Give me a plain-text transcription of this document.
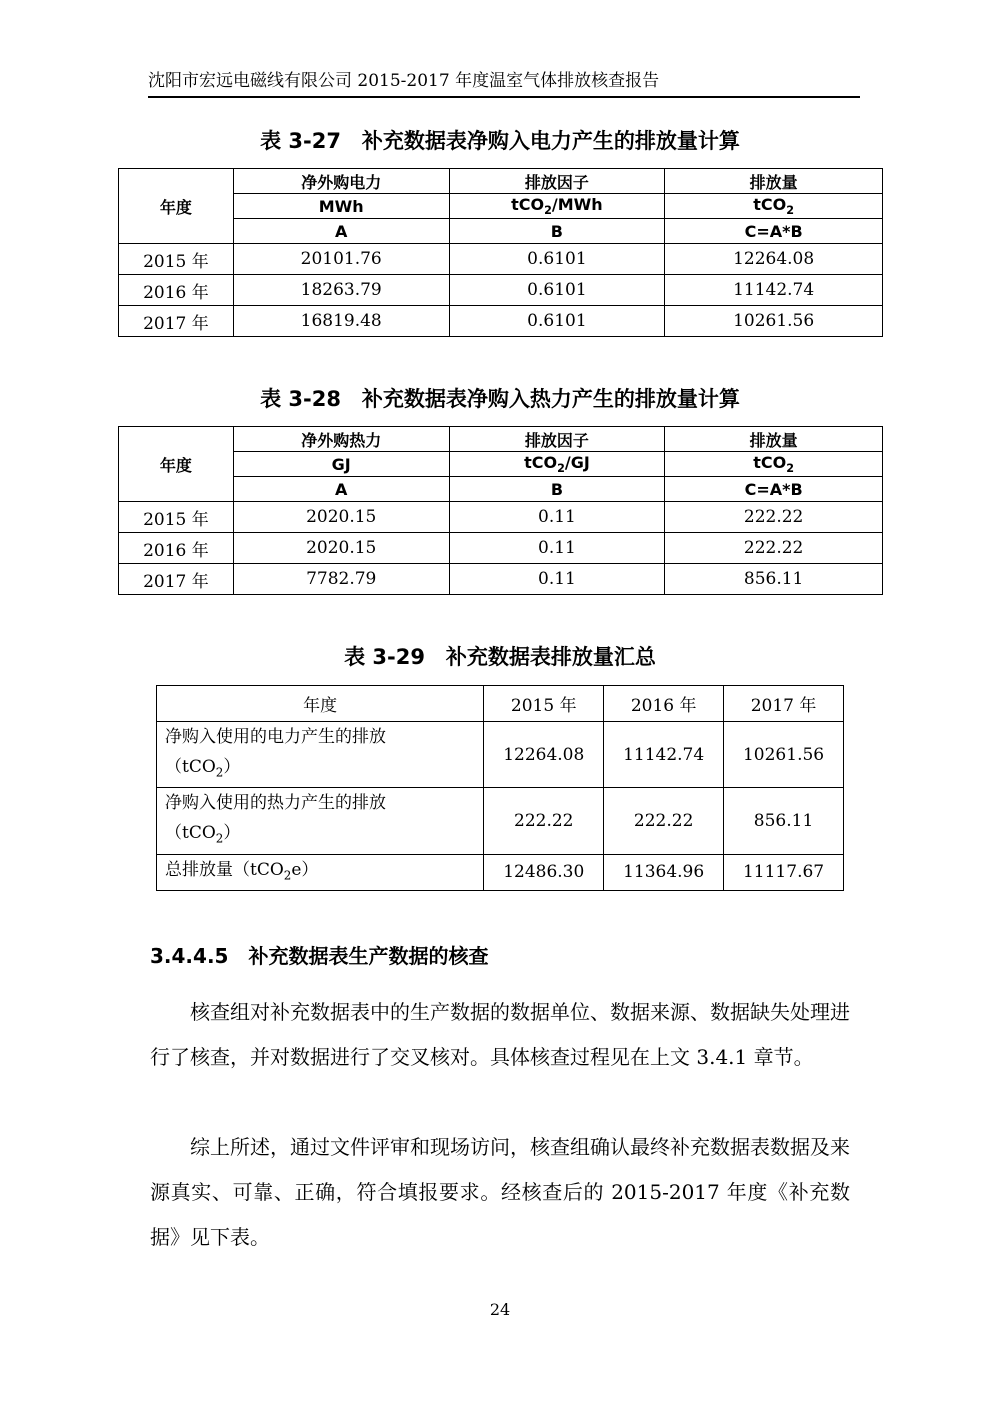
沈阳市宏远电磁线有限公司 2015-2017 年度温室气体排放核查报告
表 3-27　补充数据表净购入电力产生的排放量计算
年度	净外购电力	排放因子	排放量
	MWh	tCO$_2$/MWh	tCO$_2$
	A	B	C=A*B
2015 年	20101.76	0.6101	12264.08
2016 年	18263.79	0.6101	11142.74
2017 年	16819.48	0.6101	10261.56
表 3-28　补充数据表净购入热力产生的排放量计算
年度	净外购热力	排放因子	排放量
	GJ	tCO$_2$/GJ	tCO$_2$
	A	B	C=A*B
2015 年	2020.15	0.11	222.22
2016 年	2020.15	0.11	222.22
2017 年	7782.79	0.11	856.11
表 3-29　补充数据表排放量汇总
年度	2015 年	2016 年	2017 年

净购入使用的电力产生的排放
（tCO$_2$）	12264.08	11142.74	10261.56

净购入使用的热力产生的排放
（tCO$_2$）	222.22	222.22	856.11
总排放量（tCO$_2$e）	12486.30	11364.96	11117.67
3.4.4.5 补充数据表生产数据的核查
核查组对补充数据表中的生产数据的数据单位、数据来源、数据缺失处理进行了核查，并对数据进行了交叉核对。具体核查过程见在上文 3.4.1 章节。
综上所述，通过文件评审和现场访问，核查组确认最终补充数据表数据及来源真实、可靠、正确，符合填报要求。经核查后的 2015-2017 年度《补充数据》见下表。
24
